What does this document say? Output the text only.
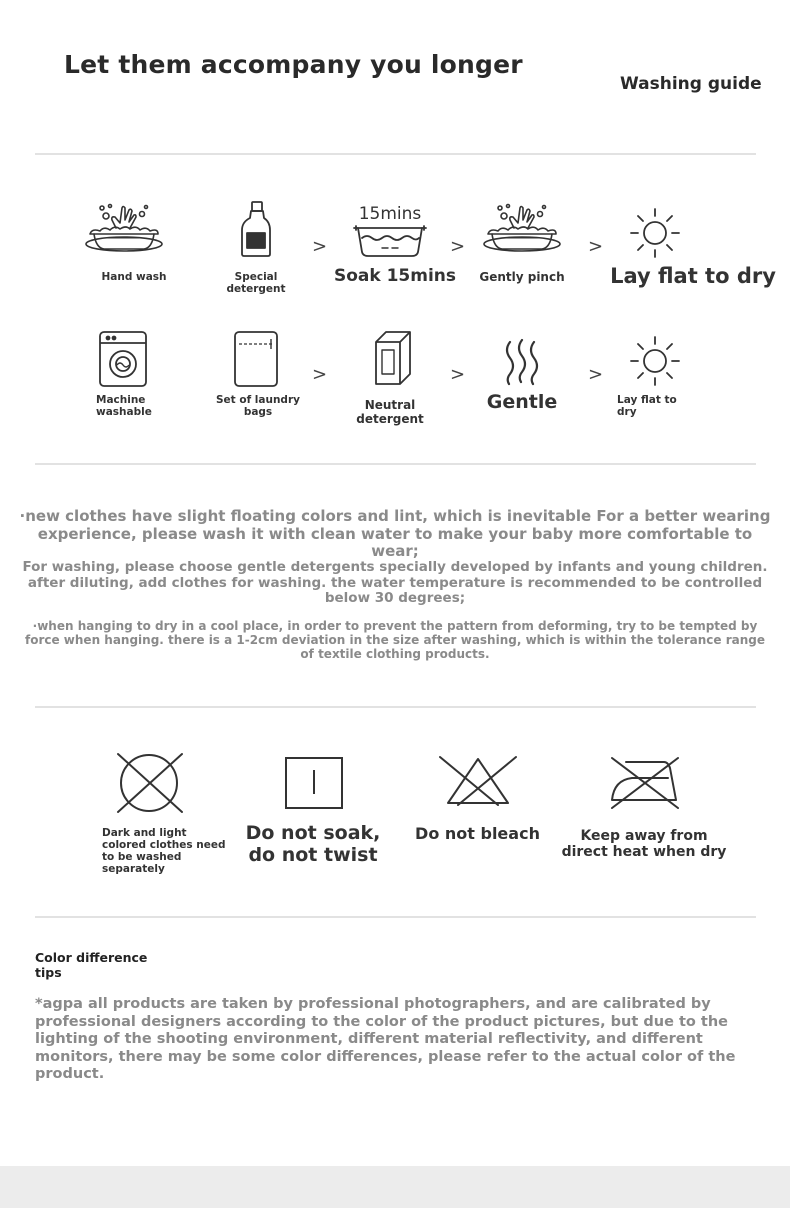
Let them accompany you longer
Washing guide
15mins
>	>	>
Hand wash	Special detergent
Soak 15mins	Gently pinch	Lay flat to dry
>	>	>
Machine washable
Set of laundry bags	Neutral detergent
Gentle	Lay flat to dry
·new clothes have slight floating colors and lint, which is inevitable For a better wearing experience, please wash it with clean water to make your baby more comfortable to wear;
For washing, please choose gentle detergents specially developed by infants and young children. after diluting, add clothes for washing. the water temperature is recommended to be controlled below 30 degrees;
·when hanging to dry in a cool place, in order to prevent the pattern from deforming, try to be tempted by force when hanging. there is a 1-2cm deviation in the size after washing, which is within the tolerance range of textile clothing products.
Dark and light colored clothes need to be washed separately
Do not soak, do not twist
Do not bleach	Keep away from direct heat when dry
Color difference tips
*agpa all products are taken by professional photographers, and are calibrated by professional designers according to the color of the product pictures, but due to the lighting of the shooting environment, different material reflectivity, and different monitors, there may be some color differences, please refer to the actual color of the product.
